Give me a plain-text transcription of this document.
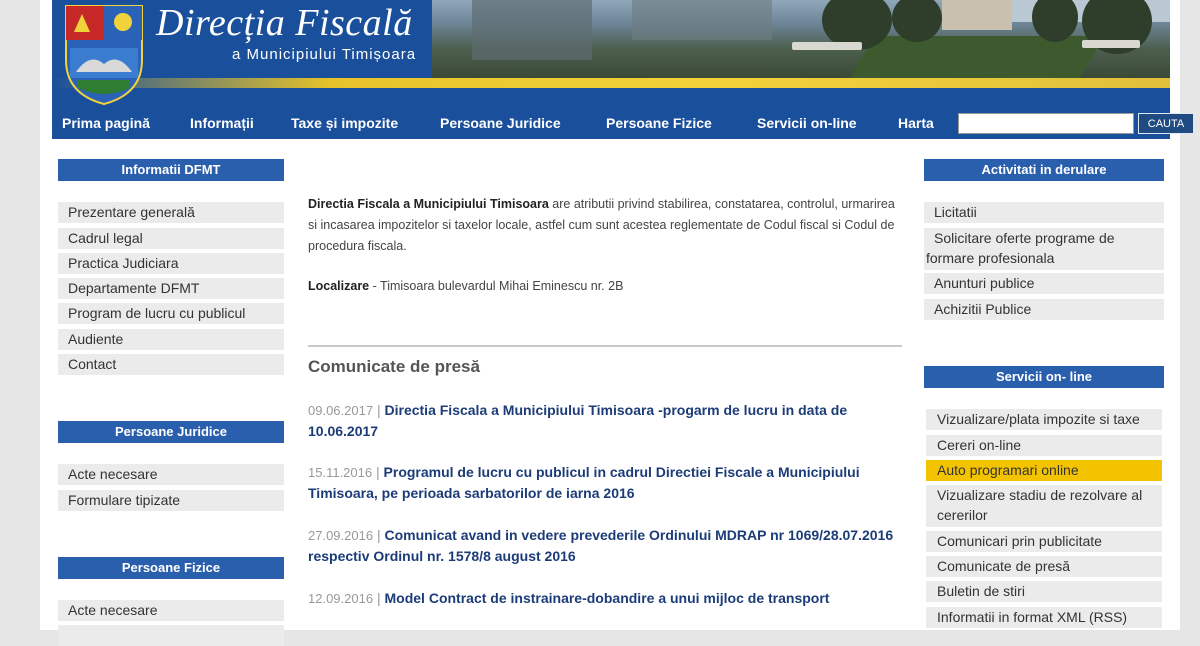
Direcția Fiscală
a Municipiului Timișoara
Prima pagină	Informații	Taxe și impozite	Persoane Juridice	Persoane Fizice	Servicii on-line	Harta	CAUTA
Informatii DFMT
Prezentare generală
Cadrul legal
Practica Judiciara
Departamente DFMT
Program de lucru cu publicul
Audiente
Contact
Persoane Juridice
Acte necesare
Formulare tipizate
Persoane Fizice
Acte necesare
Directia Fiscala a Municipiului Timisoara are atributii privind stabilirea, constatarea, controlul, urmarirea si incasarea impozitelor si taxelor locale, astfel cum sunt acestea reglementate de Codul fiscal si Codul de procedura fiscala.
Localizare - Timisoara bulevardul Mihai Eminescu nr. 2B
Comunicate de presă
09.06.2017 | Directia Fiscala a Municipiului Timisoara -progarm de lucru in data de 10.06.2017
15.11.2016 | Programul de lucru cu publicul in cadrul Directiei Fiscale a Municipiului Timisoara, pe perioada sarbatorilor de iarna 2016
27.09.2016 | Comunicat avand in vedere prevederile Ordinului MDRAP nr 1069/28.07.2016 respectiv Ordinul nr. 1578/8 august 2016
12.09.2016 | Model Contract de instrainare-dobandire a unui mijloc de transport
Activitati in derulare
Licitatii
Solicitare oferte programe de formare profesionala
Anunturi publice
Achizitii Publice
Servicii on- line
Vizualizare/plata impozite si taxe
Cereri on-line
Auto programari online
Vizualizare stadiu de rezolvare al cererilor
Comunicari prin publicitate
Comunicate de presă
Buletin de stiri
Informatii in format XML (RSS)
